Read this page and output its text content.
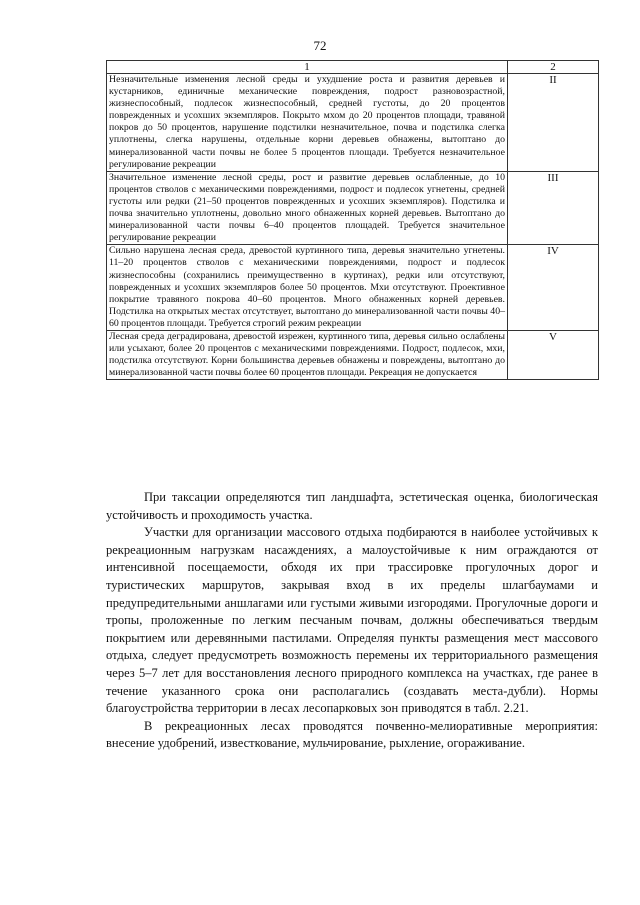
72
1	2
Незначительные изменения лесной среды и ухудшение роста и развития деревьев и кустарников, единичные механические повреждения, подрост разновозрастной, жизнеспособный, подлесок жизнеспособный, средней густоты, до 20 процентов поврежденных и усохших экземпляров. Покрыто мхом до 20 процентов площади, травяной покров до 50 процентов, нарушение подстилки незначительное, почва и подстилка слегка уплотнены, слегка нарушены, отдельные корни деревьев обнажены, вытоптано до минерализованной части почвы не более 5 процентов площади. Требуется незначительное регулирование рекреации	II
Значительное изменение лесной среды, рост и развитие деревьев ослабленные, до 10 процентов стволов с механическими повреждениями, подрост и подлесок угнетены, средней густоты или редки (21–50 процентов поврежденных и усохших экземпляров). Подстилка и почва значительно уплотнены, довольно много обнаженных корней деревьев. Вытоптано до минерализованной части почвы 6–40 процентов площадей. Требуется значительное регулирование рекреации	III
Сильно нарушена лесная среда, древостой куртинного типа, деревья значительно угнетены. 11–20 процентов стволов с механическими повреждениями, подрост и подлесок жизнеспособны (сохранились преимущественно в куртинах), редки или отсутствуют, поврежденных и усохших экземпляров более 50 процентов. Мхи отсутствуют. Проективное покрытие травяного покрова 40–60 процентов. Много обнаженных корней деревьев. Подстилка на открытых местах отсутствует, вытоптано до минерализованной части почвы 40–60 процентов площади. Требуется строгий режим рекреации	IV
Лесная среда деградирована, древостой изрежен, куртинного типа, деревья сильно ослаблены или усыхают, более 20 процентов с механическими повреждениями. Подрост, подлесок, мхи, подстилка отсутствуют. Корни большинства деревьев обнажены и повреждены, вытоптано до минерализованной части почвы более 60 процентов площади. Рекреация не допускается	V

При таксации определяются тип ландшафта, эстетическая оценка, биологическая устойчивость и проходимость участка.

Участки для организации массового отдыха подбираются в наиболее устойчивых к рекреационным нагрузкам насаждениях, а малоустойчивые к ним ограждаются от интенсивной посещаемости, обходя их при трассировке прогулочных дорог и туристических маршрутов, закрывая вход в их пределы шлагбаумами и предупредительными аншлагами или густыми живыми изгородями. Прогулочные дороги и тропы, проложенные по легким песчаным почвам, должны обеспечиваться твердым покрытием или деревянными пастилами. Определяя пункты размещения мест массового отдыха, следует предусмотреть возможность перемены их территориального размещения через 5–7 лет для восстановления лесного природного комплекса на участках, где ранее в течение указанного срока они располагались (создавать места-дубли). Нормы благоустройства территории в лесах лесопарковых зон приводятся в табл. 2.21.

В рекреационных лесах проводятся почвенно-мелиоративные мероприятия: внесение удобрений, известкование, мульчирование, рыхление, огораживание.
